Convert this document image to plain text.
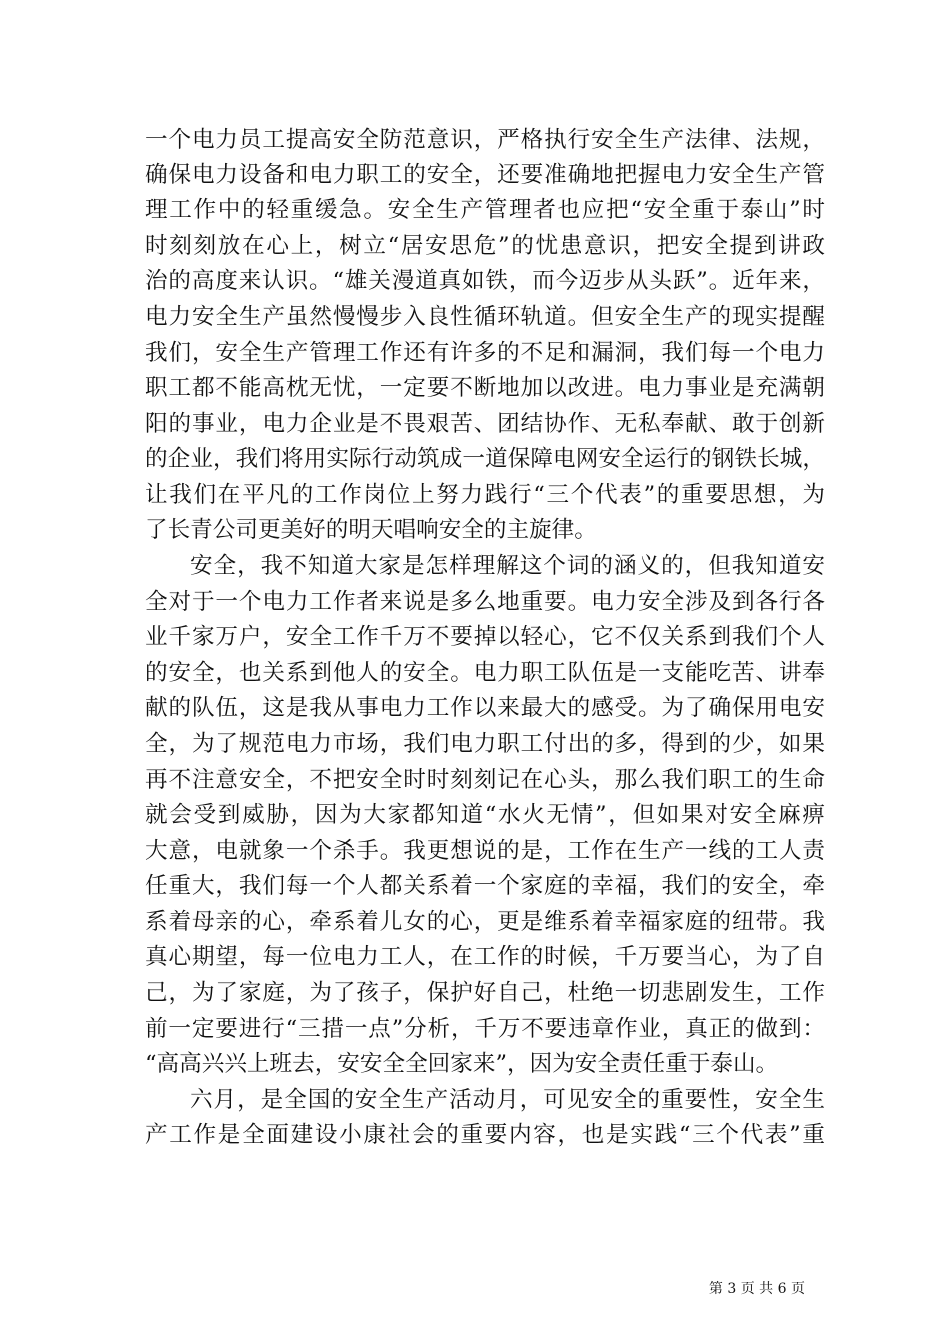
一个电力员工提高安全防范意识，严格执行安全生产法律、法规，
确保电力设备和电力职工的安全，还要准确地把握电力安全生产管
理工作中的轻重缓急。安全生产管理者也应把“安全重于泰山”时
时刻刻放在心上，树立“居安思危”的忧患意识，把安全提到讲政
治的高度来认识。“雄关漫道真如铁，而今迈步从头跃”。近年来，
电力安全生产虽然慢慢步入良性循环轨道。但安全生产的现实提醒
我们，安全生产管理工作还有许多的不足和漏洞，我们每一个电力
职工都不能高枕无忧，一定要不断地加以改进。电力事业是充满朝
阳的事业，电力企业是不畏艰苦、团结协作、无私奉献、敢于创新
的企业，我们将用实际行动筑成一道保障电网安全运行的钢铁长城，
让我们在平凡的工作岗位上努力践行“三个代表”的重要思想，为
了长青公司更美好的明天唱响安全的主旋律。
安全，我不知道大家是怎样理解这个词的涵义的，但我知道安
全对于一个电力工作者来说是多么地重要。电力安全涉及到各行各
业千家万户，安全工作千万不要掉以轻心，它不仅关系到我们个人
的安全，也关系到他人的安全。电力职工队伍是一支能吃苦、讲奉
献的队伍，这是我从事电力工作以来最大的感受。为了确保用电安
全，为了规范电力市场，我们电力职工付出的多，得到的少，如果
再不注意安全，不把安全时时刻刻记在心头，那么我们职工的生命
就会受到威胁，因为大家都知道“水火无情”，但如果对安全麻痹
大意，电就象一个杀手。我更想说的是，工作在生产一线的工人责
任重大，我们每一个人都关系着一个家庭的幸福，我们的安全，牵
系着母亲的心，牵系着儿女的心，更是维系着幸福家庭的纽带。我
真心期望，每一位电力工人，在工作的时候，千万要当心，为了自
己，为了家庭，为了孩子，保护好自己，杜绝一切悲剧发生，工作
前一定要进行“三措一点”分析，千万不要违章作业，真正的做到：
“高高兴兴上班去，安安全全回家来”，因为安全责任重于泰山。
六月，是全国的安全生产活动月，可见安全的重要性，安全生
产工作是全面建设小康社会的重要内容，也是实践“三个代表”重
第 3 页 共 6 页
